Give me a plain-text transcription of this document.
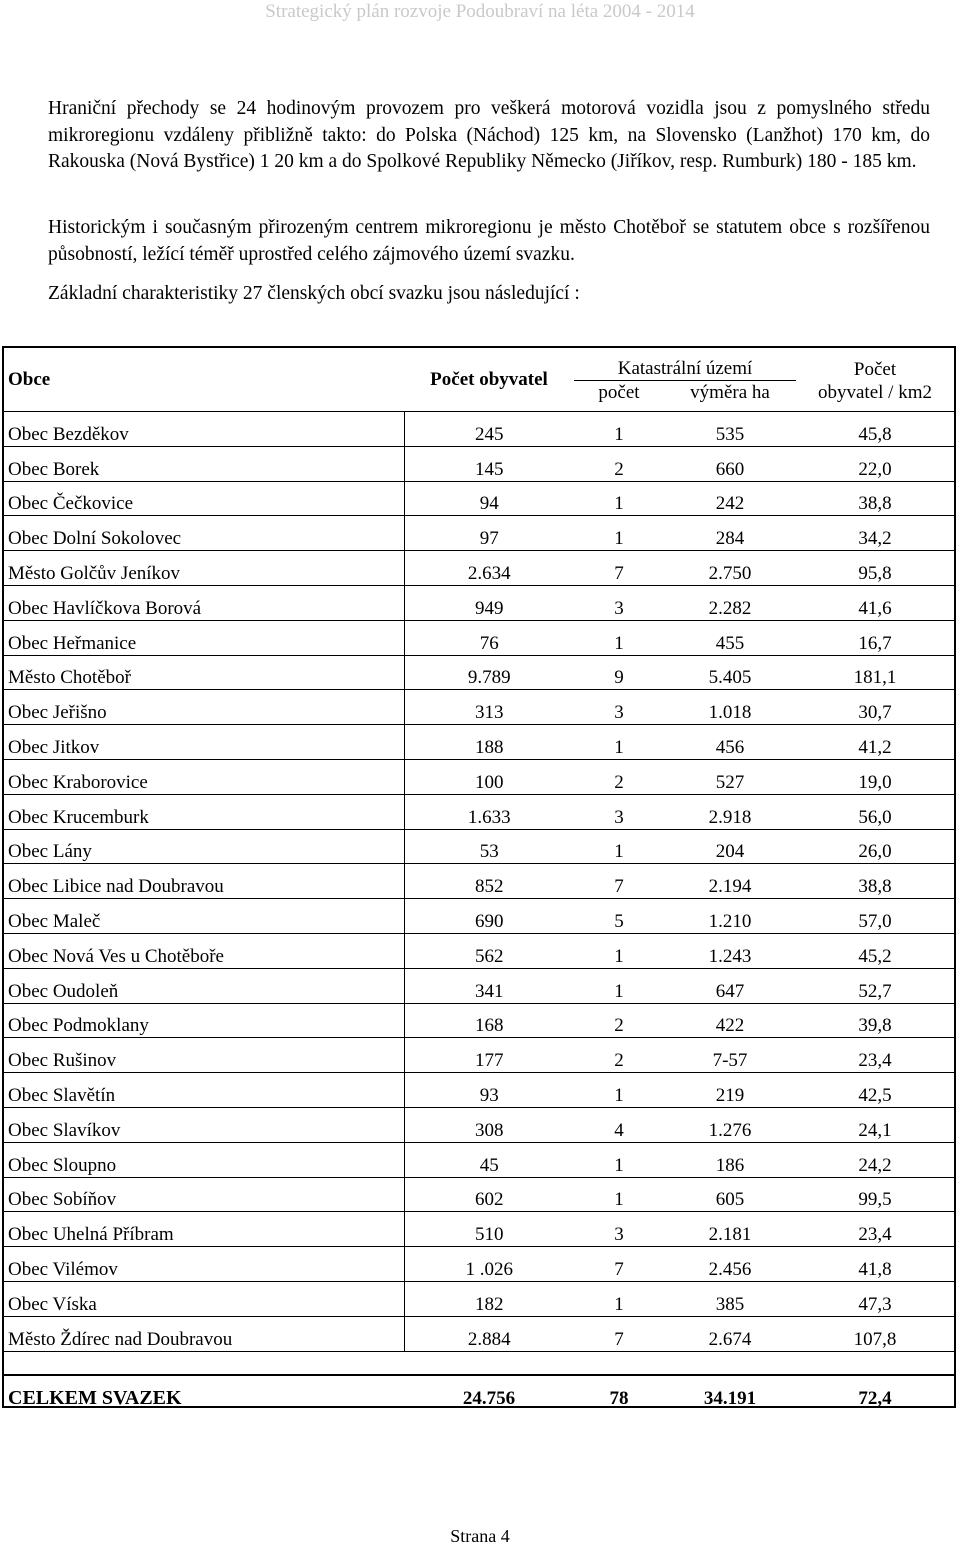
Strategický plán rozvoje Podoubraví na léta 2004 - 2014

Hraniční přechody se 24 hodinovým provozem pro veškerá motorová vozidla jsou z pomyslného středu mikroregionu vzdáleny přibližně takto: do Polska (Náchod) 125 km, na Slovensko (Lanžhot) 170 km, do Rakouska (Nová Bystřice) 1 20 km a do Spolkové Republiky Německo (Jiříkov, resp. Rumburk) 180 - 185 km.

Historickým i současným přirozeným centrem mikroregionu je město Chotěboř se statutem obce s rozšířenou působností, ležící téměř uprostřed celého zájmového území svazku.

Základní charakteristiky 27 členských obcí svazku jsou následující :

Obce	Počet obyvatel	Katastrální území		Počet
		počet	výměra ha	obyvatel / km2
Obec Bezděkov	245	1	535	45,8
Obec Borek	145	2	660	22,0
Obec Čečkovice	94	1	242	38,8
Obec Dolní Sokolovec	97	1	284	34,2
Město Golčův Jeníkov	2.634	7	2.750	95,8
Obec Havlíčkova Borová	949	3	2.282	41,6
Obec Heřmanice	76	1	455	16,7
Město Chotěboř	9.789	9	5.405	181,1
Obec Jeřišno	313	3	1.018	30,7
Obec Jitkov	188	1	456	41,2
Obec Kraborovice	100	2	527	19,0
Obec Krucemburk	1.633	3	2.918	56,0
Obec Lány	53	1	204	26,0
Obec Libice nad Doubravou	852	7	2.194	38,8
Obec Maleč	690	5	1.210	57,0
Obec Nová Ves u Chotěboře	562	1	1.243	45,2
Obec Oudoleň	341	1	647	52,7
Obec Podmoklany	168	2	422	39,8
Obec Rušinov	177	2	7-57	23,4
Obec Slavětín	93	1	219	42,5
Obec Slavíkov	308	4	1.276	24,1
Obec Sloupno	45	1	186	24,2
Obec Sobíňov	602	1	605	99,5
Obec Uhelná Příbram	510	3	2.181	23,4
Obec Vilémov	1 .026	7	2.456	41,8
Obec Víska	182	1	385	47,3
Město Ždírec nad Doubravou	2.884	7	2.674	107,8

CELKEM SVAZEK	24.756	78	34.191	72,4
Strana 4
